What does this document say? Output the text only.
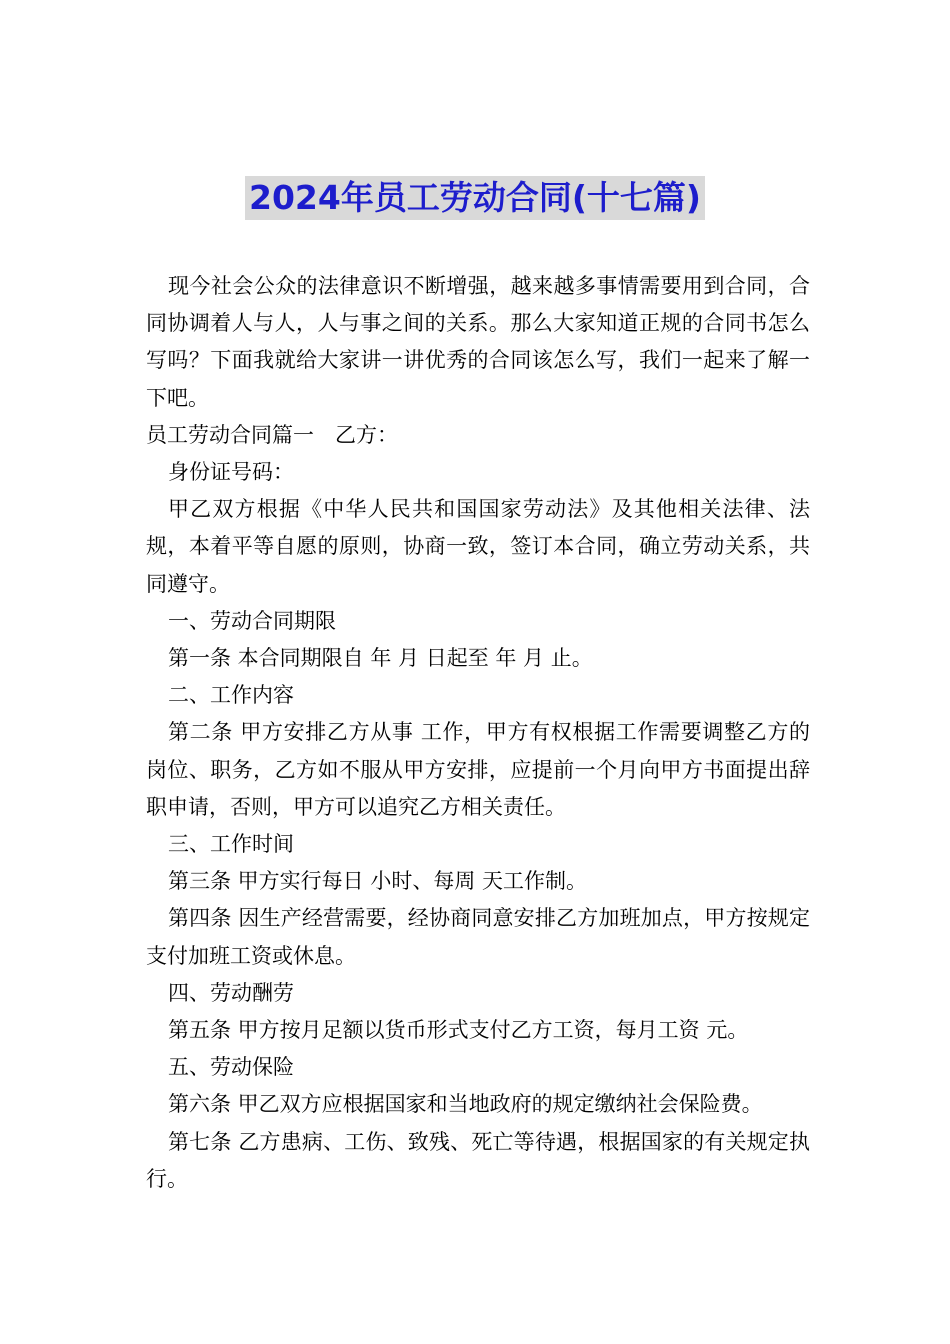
2024年员工劳动合同(十七篇)

现今社会公众的法律意识不断增强，越来越多事情需要用到合同，合同协调着人与人，人与事之间的关系。那么大家知道正规的合同书怎么写吗？下面我就给大家讲一讲优秀的合同该怎么写，我们一起来了解一下吧。

员工劳动合同篇一　乙方：

身份证号码：

甲乙双方根据《中华人民共和国国家劳动法》及其他相关法律、法规，本着平等自愿的原则，协商一致，签订本合同，确立劳动关系，共同遵守。

一、劳动合同期限

第一条 本合同期限自 年 月 日起至 年 月 止。

二、工作内容

第二条 甲方安排乙方从事 工作，甲方有权根据工作需要调整乙方的岗位、职务，乙方如不服从甲方安排，应提前一个月向甲方书面提出辞职申请，否则，甲方可以追究乙方相关责任。

三、工作时间

第三条 甲方实行每日 小时、每周 天工作制。

第四条 因生产经营需要，经协商同意安排乙方加班加点，甲方按规定支付加班工资或休息。

四、劳动酬劳

第五条 甲方按月足额以货币形式支付乙方工资，每月工资 元。

五、劳动保险

第六条 甲乙双方应根据国家和当地政府的规定缴纳社会保险费。

第七条 乙方患病、工伤、致残、死亡等待遇，根据国家的有关规定执行。
